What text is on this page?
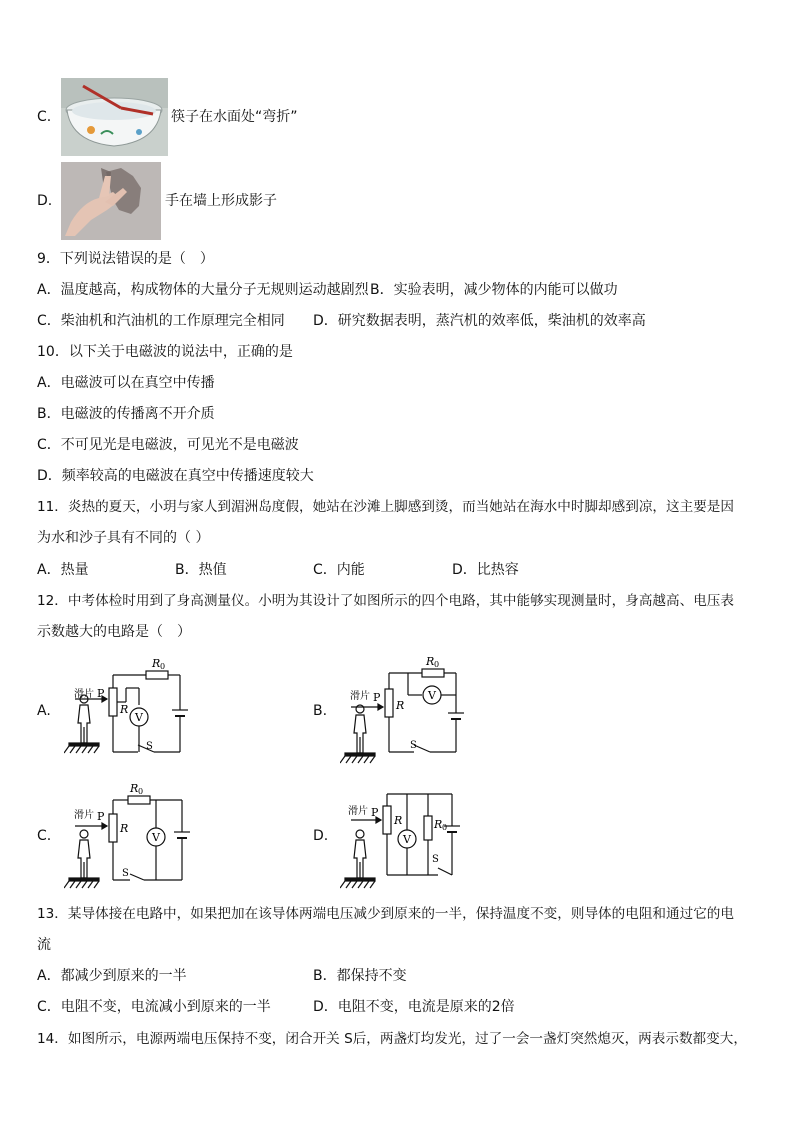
C.	筷子在水面处“弯折”
D.	手在墙上形成影子
9．下列说法错误的是（　）
A．温度越高，构成物体的大量分子无规则运动越剧烈 B．实验表明，减少物体的内能可以做功
C．柴油机和汽油机的工作原理完全相同 D．研究数据表明，蒸汽机的效率低，柴油机的效率高
10．以下关于电磁波的说法中，正确的是
A．电磁波可以在真空中传播
B．电磁波的传播离不开介质
C．不可见光是电磁波，可见光不是电磁波
D．频率较高的电磁波在真空中传播速度较大
11．炎热的夏天，小玥与家人到湄洲岛度假，她站在沙滩上脚感到烫，而当她站在海水中时脚却感到凉，这主要是因
为水和沙子具有不同的（ ）
A．热量	B．热值	C．内能	D．比热容
12．中考体检时用到了身高测量仪。小明为其设计了如图所示的四个电路，其中能够实现测量时，身高越高、电压表
示数越大的电路是（　）
A.	B.
C.	D.
滑片 P
R
R 0
V
S
滑片 P
R
R 0
V
S
滑片 P
R
R 0
V
S
滑片 P
R	R 0
V
S
13．某导体接在电路中，如果把加在该导体两端电压减少到原来的一半，保持温度不变，则导体的电阻和通过它的电
流
A．都减少到原来的一半	B．都保持不变
C．电阻不变，电流减小到原来的一半	D．电阻不变，电流是原来的2倍
14．如图所示，电源两端电压保持不变，闭合开关 S后，两盏灯均发光，过了一会一盏灯突然熄灭，两表示数都变大，
